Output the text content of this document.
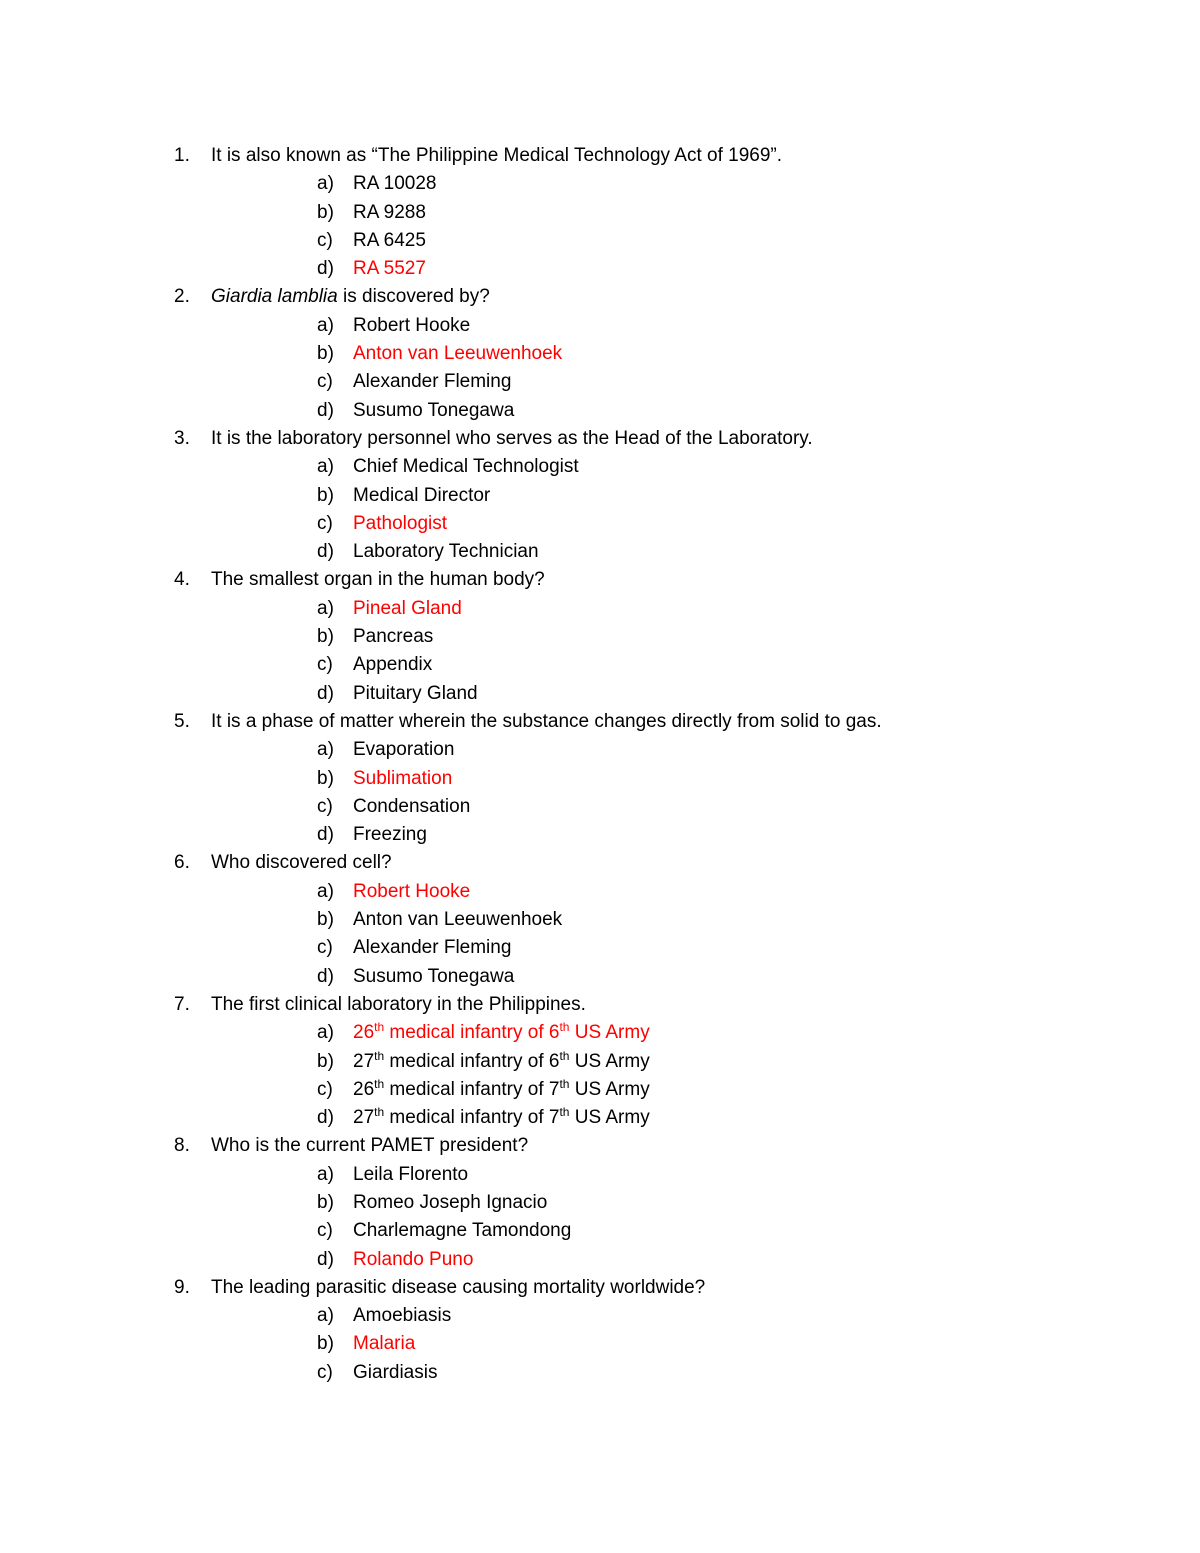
1.	It is also known as “The Philippine Medical Technology Act of 1969”.
a) RA 10028
b) RA 9288
c) RA 6425
d) RA 5527
2.	Giardia lamblia is discovered by?
a) Robert Hooke
b) Anton van Leeuwenhoek
c) Alexander Fleming
d) Susumo Tonegawa
3.	It is the laboratory personnel who serves as the Head of the Laboratory.
a) Chief Medical Technologist
b) Medical Director
c) Pathologist
d) Laboratory Technician
4.	The smallest organ in the human body?
a) Pineal Gland
b) Pancreas
c) Appendix
d) Pituitary Gland
5.	It is a phase of matter wherein the substance changes directly from solid to gas.
a) Evaporation
b) Sublimation
c) Condensation
d) Freezing
6.	Who discovered cell?
a) Robert Hooke
b) Anton van Leeuwenhoek
c) Alexander Fleming
d) Susumo Tonegawa
7.	The first clinical laboratory in the Philippines.
a) 26th medical infantry of 6th US Army
b) 27th medical infantry of 6th US Army
c) 26th medical infantry of 7th US Army
d) 27th medical infantry of 7th US Army
8.	Who is the current PAMET president?
a) Leila Florento
b) Romeo Joseph Ignacio
c) Charlemagne Tamondong
d) Rolando Puno
9.	The leading parasitic disease causing mortality worldwide?
a) Amoebiasis
b) Malaria
c) Giardiasis
